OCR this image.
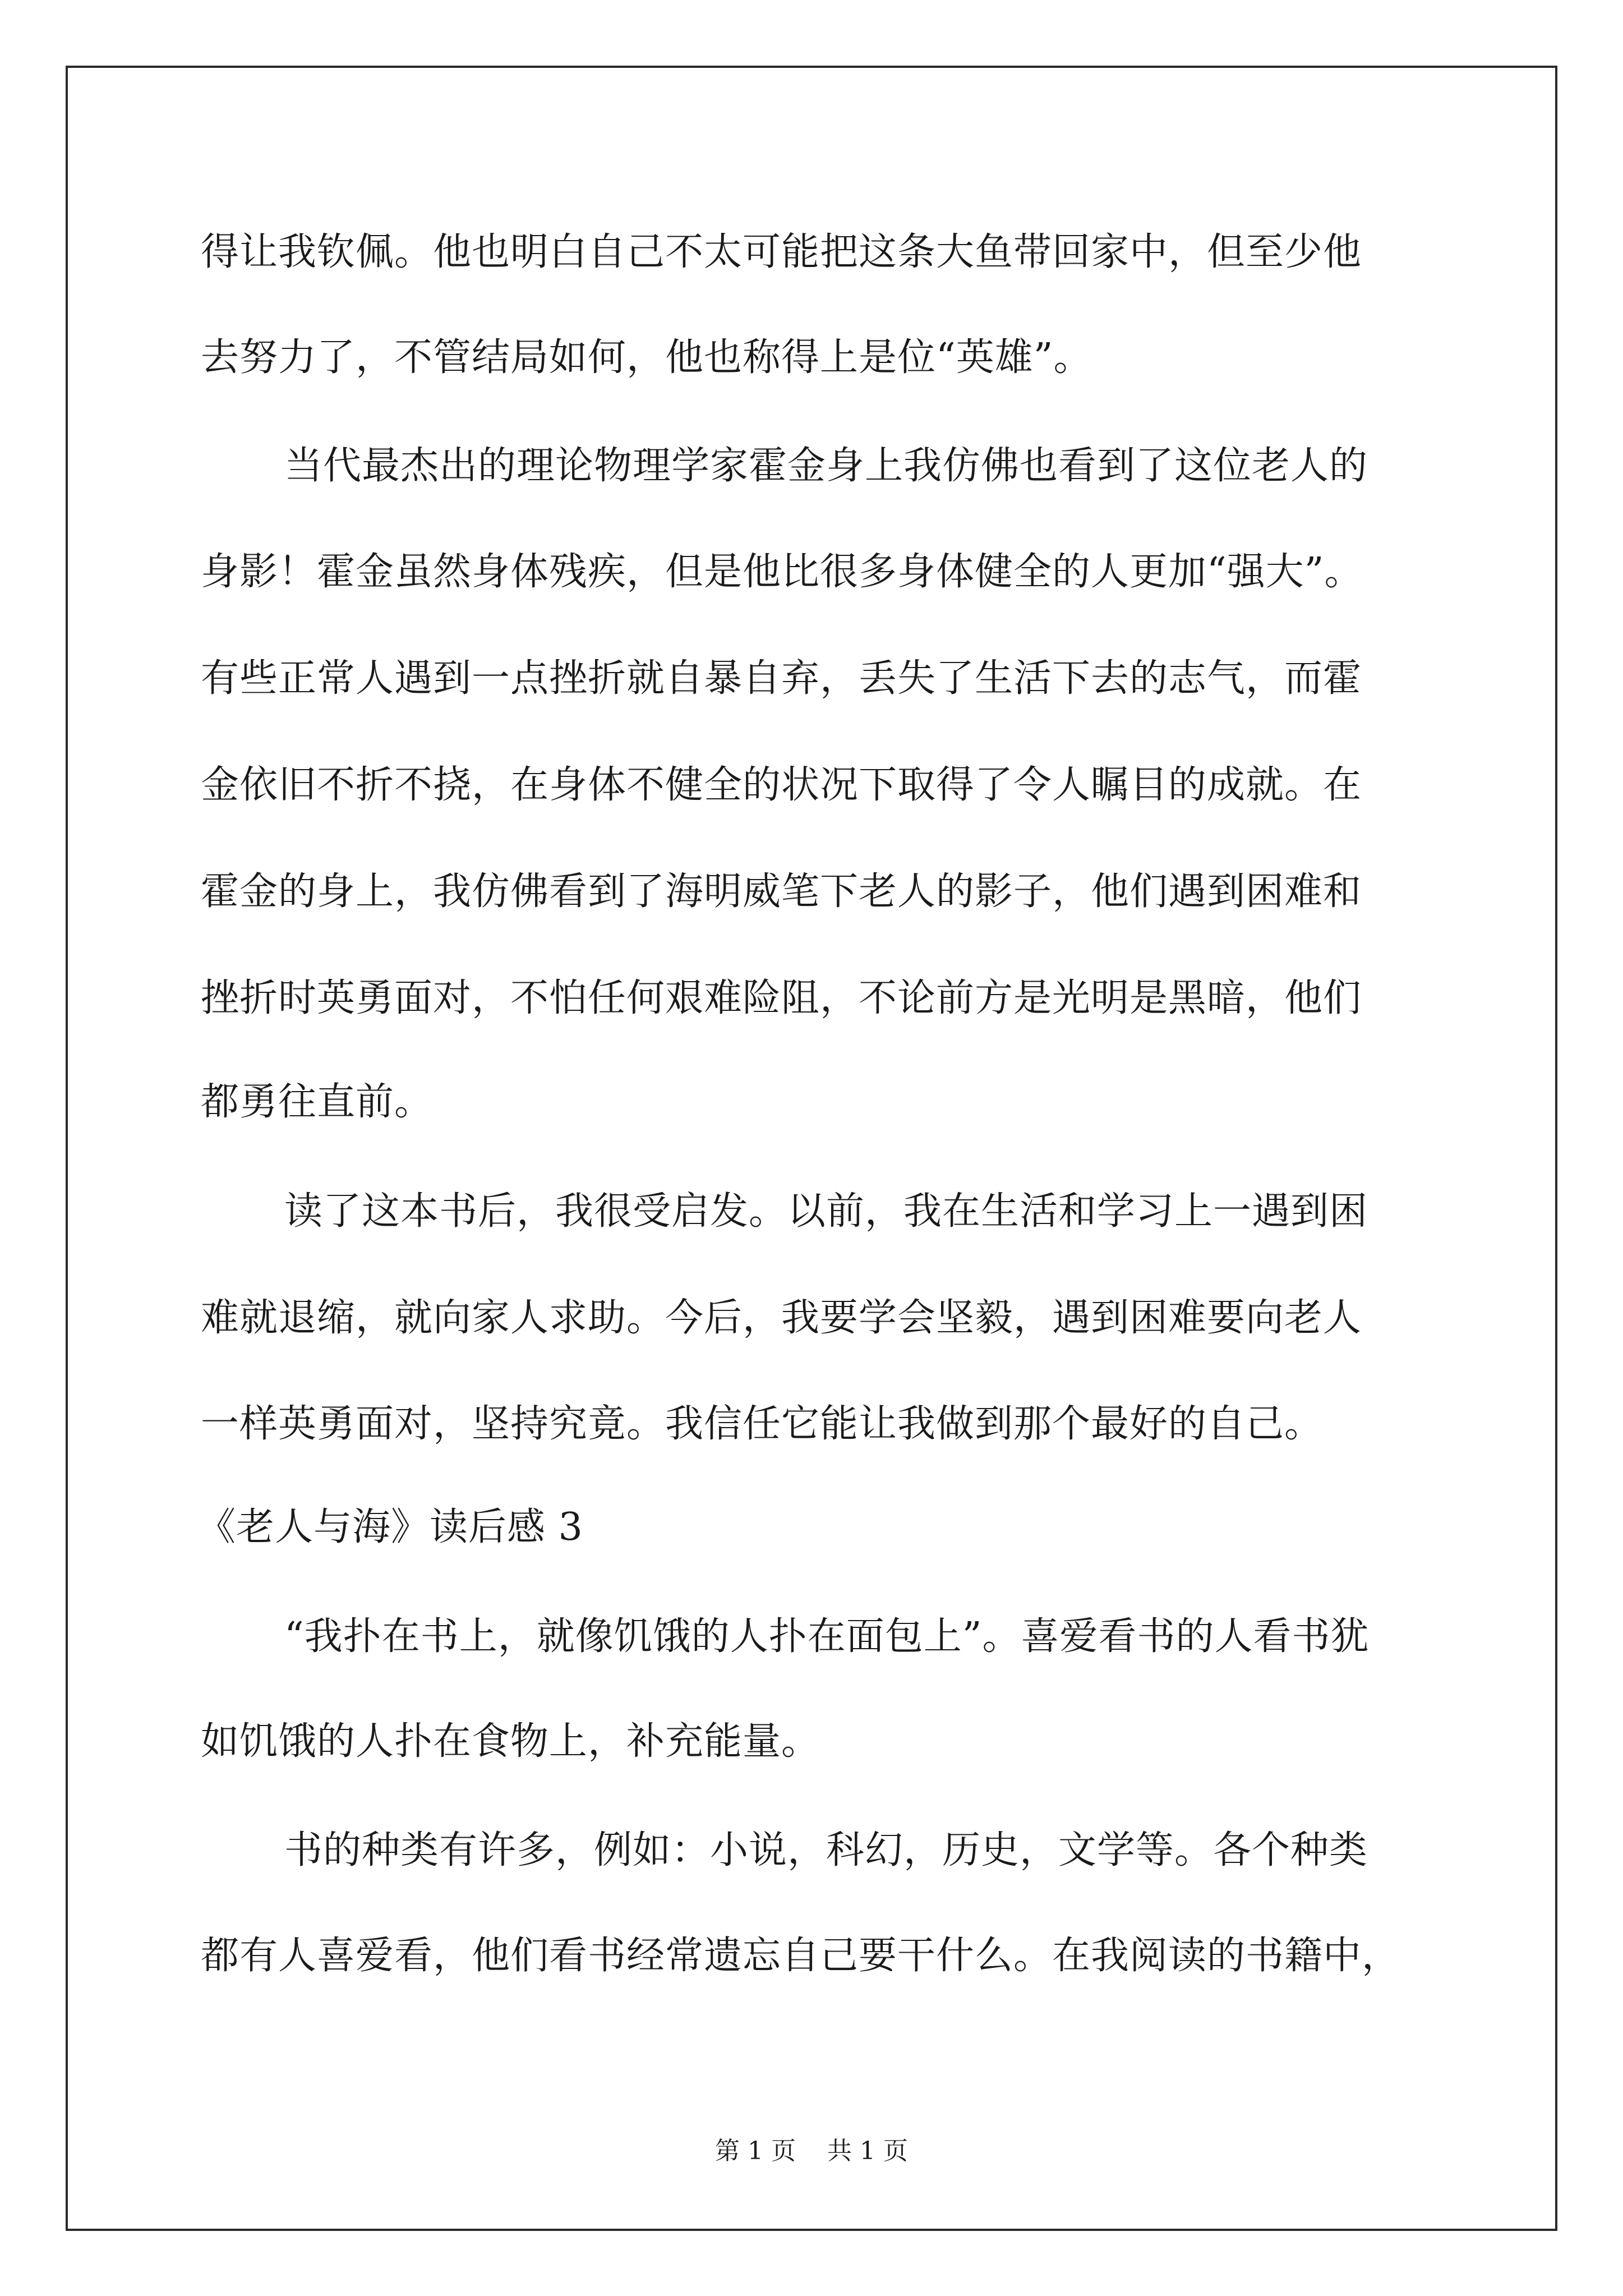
得让我钦佩。他也明白自己不太可能把这条大鱼带回家中，但至少他
去努力了，不管结局如何，他也称得上是位“英雄”。
当代最杰出的理论物理学家霍金身上我仿佛也看到了这位老人的
身影！霍金虽然身体残疾，但是他比很多身体健全的人更加“强大”。
有些正常人遇到一点挫折就自暴自弃，丢失了生活下去的志气，而霍
金依旧不折不挠，在身体不健全的状况下取得了令人瞩目的成就。在
霍金的身上，我仿佛看到了海明威笔下老人的影子，他们遇到困难和
挫折时英勇面对，不怕任何艰难险阻，不论前方是光明是黑暗，他们
都勇往直前。
读了这本书后，我很受启发。以前，我在生活和学习上一遇到困
难就退缩，就向家人求助。今后，我要学会坚毅，遇到困难要向老人
一样英勇面对，坚持究竟。我信任它能让我做到那个最好的自己。
《老人与海》读后感 3
“我扑在书上，就像饥饿的人扑在面包上”。喜爱看书的人看书犹
如饥饿的人扑在食物上，补充能量。
书的种类有许多，例如：小说，科幻，历史，文学等。各个种类
都有人喜爱看，他们看书经常遗忘自己要干什么。在我阅读的书籍中，
第 1 页    共 1 页
